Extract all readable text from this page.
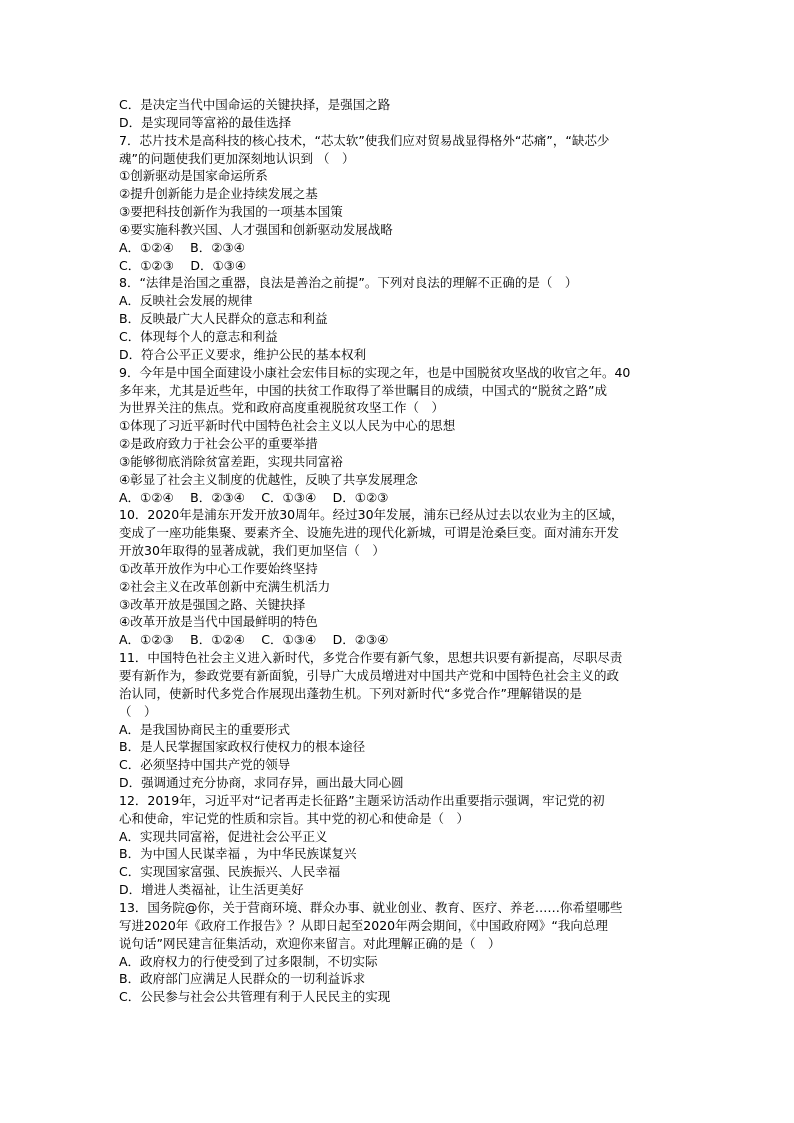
C．是决定当代中国命运的关键抉择，是强国之路
D．是实现同等富裕的最佳选择
7．芯片技术是高科技的核心技术，“芯太软”使我们应对贸易战显得格外“芯痛”，“缺芯少
魂”的问题使我们更加深刻地认识到 （　）
①创新驱动是国家命运所系
②提升创新能力是企业持续发展之基
③要把科技创新作为我国的一项基本国策
④要实施科教兴国、人才强国和创新驱动发展战略
A．①②④　 B．②③④
C．①②③　 D．①③④
8．“法律是治国之重器，良法是善治之前提”。下列对良法的理解不正确的是（　）
A．反映社会发展的规律
B．反映最广大人民群众的意志和利益
C．体现每个人的意志和利益
D．符合公平正义要求，维护公民的基本权利
9．今年是中国全面建设小康社会宏伟目标的实现之年，也是中国脱贫攻坚战的收官之年。40
多年来，尤其是近些年，中国的扶贫工作取得了举世瞩目的成绩，中国式的“脱贫之路”成
为世界关注的焦点。党和政府高度重视脱贫攻坚工作（　）
①体现了习近平新时代中国特色社会主义以人民为中心的思想
②是政府致力于社会公平的重要举措
③能够彻底消除贫富差距，实现共同富裕
④彰显了社会主义制度的优越性，反映了共享发展理念
A．①②④　 B．②③④　 C．①③④　 D．①②③
10．2020年是浦东开发开放30周年。经过30年发展，浦东已经从过去以农业为主的区域，
变成了一座功能集聚、要素齐全、设施先进的现代化新城，可谓是沧桑巨变。面对浦东开发
开放30年取得的显著成就，我们更加坚信（　）
①改革开放作为中心工作要始终坚持
②社会主义在改革创新中充满生机活力
③改革开放是强国之路、关键抉择
④改革开放是当代中国最鲜明的特色
A．①②③　 B．①②④　 C．①③④　 D．②③④
11．中国特色社会主义进入新时代，多党合作要有新气象，思想共识要有新提高，尽职尽责
要有新作为，参政党要有新面貌，引导广大成员增进对中国共产党和中国特色社会主义的政
治认同，使新时代多党合作展现出蓬勃生机。下列对新时代“多党合作”理解错误的是
（　）
A．是我国协商民主的重要形式
B．是人民掌握国家政权行使权力的根本途径
C．必须坚持中国共产党的领导
D．强调通过充分协商，求同存异，画出最大同心圆
12．2019年，习近平对“记者再走长征路”主题采访活动作出重要指示强调，牢记党的初
心和使命，牢记党的性质和宗旨。其中党的初心和使命是（　）
A．实现共同富裕，促进社会公平正义
B．为中国人民谋幸福 ，为中华民族谋复兴
C．实现国家富强、民族振兴、人民幸福
D．增进人类福祉，让生活更美好
13．国务院@你，关于营商环境、群众办事、就业创业、教育、医疗、养老……你希望哪些
写进2020年《政府工作报告》？从即日起至2020年两会期间，《中国政府网》“我向总理
说句话”网民建言征集活动，欢迎你来留言。对此理解正确的是（　）
A．政府权力的行使受到了过多限制，不切实际
B．政府部门应满足人民群众的一切利益诉求
C．公民参与社会公共管理有利于人民民主的实现
